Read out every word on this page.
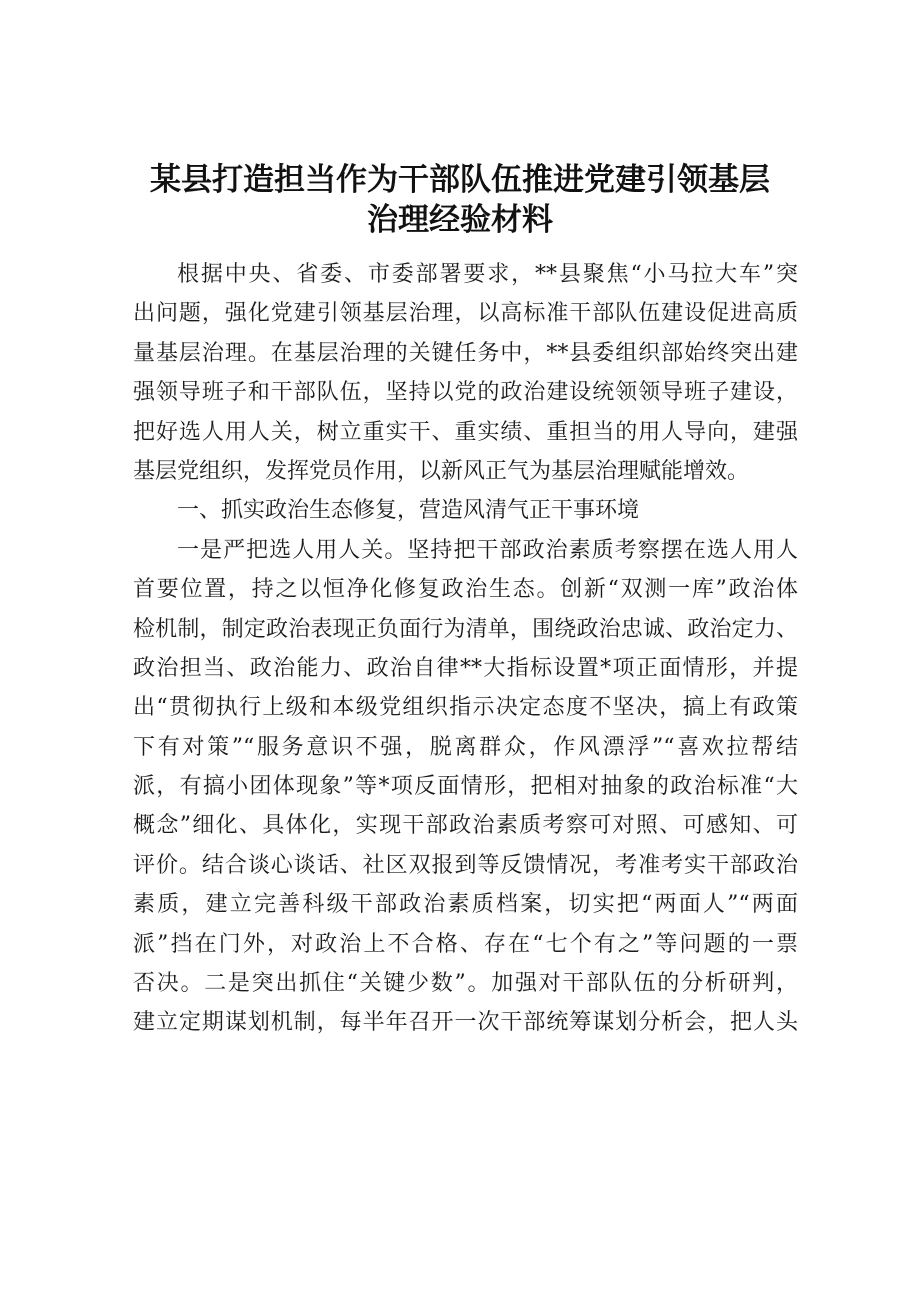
某县打造担当作为干部队伍推进党建引领基层
治理经验材料
根据中央、省委、市委部署要求，**县聚焦“小马拉大车”突
出问题，强化党建引领基层治理，以高标准干部队伍建设促进高质
量基层治理。在基层治理的关键任务中，**县委组织部始终突出建
强领导班子和干部队伍，坚持以党的政治建设统领领导班子建设，
把好选人用人关，树立重实干、重实绩、重担当的用人导向，建强
基层党组织，发挥党员作用，以新风正气为基层治理赋能增效。
一、抓实政治生态修复，营造风清气正干事环境
一是严把选人用人关。坚持把干部政治素质考察摆在选人用人
首要位置，持之以恒净化修复政治生态。创新“双测一库”政治体
检机制，制定政治表现正负面行为清单，围绕政治忠诚、政治定力、
政治担当、政治能力、政治自律**大指标设置*项正面情形，并提
出“贯彻执行上级和本级党组织指示决定态度不坚决，搞上有政策
下有对策”“服务意识不强，脱离群众，作风漂浮”“喜欢拉帮结
派，有搞小团体现象”等*项反面情形，把相对抽象的政治标准“大
概念”细化、具体化，实现干部政治素质考察可对照、可感知、可
评价。结合谈心谈话、社区双报到等反馈情况，考准考实干部政治
素质，建立完善科级干部政治素质档案，切实把“两面人”“两面
派”挡在门外，对政治上不合格、存在“七个有之”等问题的一票
否决。二是突出抓住“关键少数”。加强对干部队伍的分析研判，
建立定期谋划机制，每半年召开一次干部统筹谋划分析会，把人头
